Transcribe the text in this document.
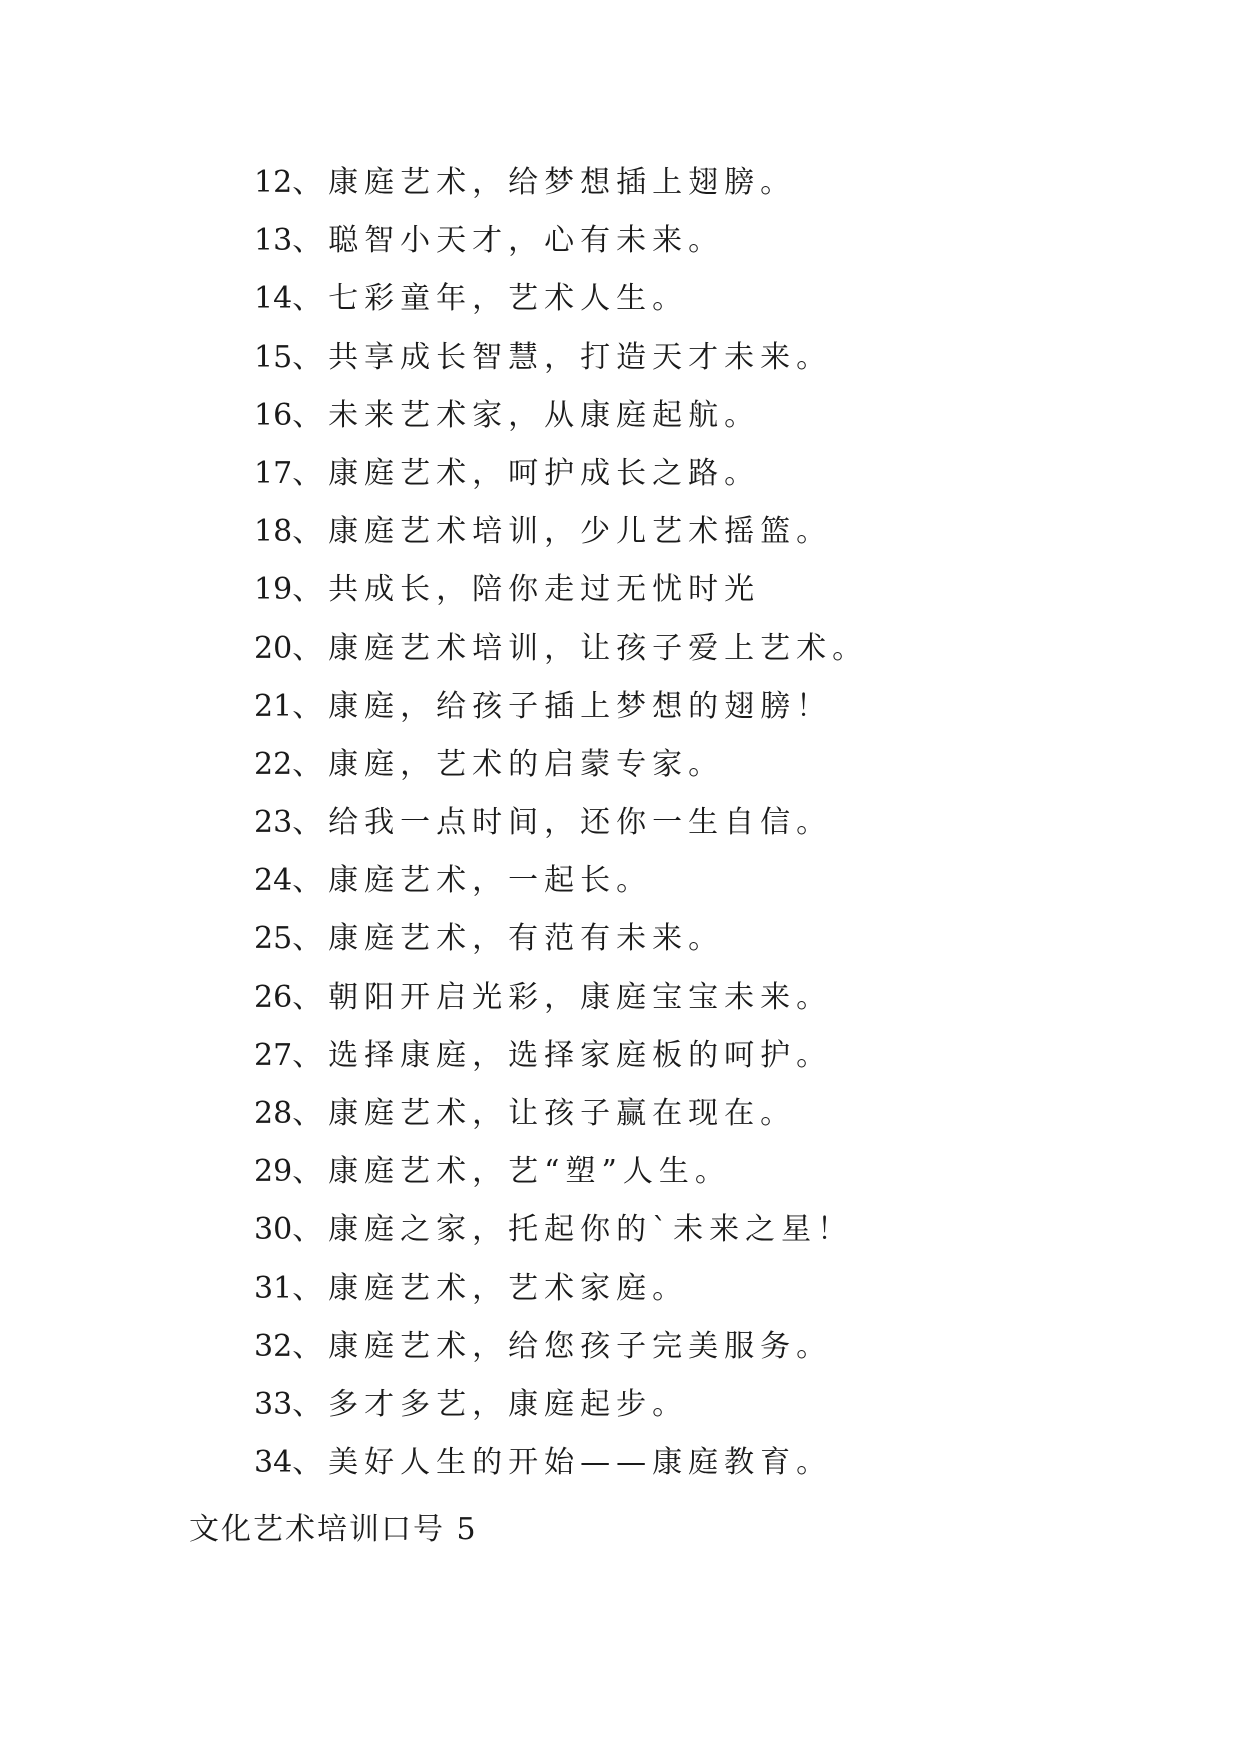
12、康庭艺术，给梦想插上翅膀。
13、聪智小天才，心有未来。
14、七彩童年，艺术人生。
15、共享成长智慧，打造天才未来。
16、未来艺术家，从康庭起航。
17、康庭艺术，呵护成长之路。
18、康庭艺术培训，少儿艺术摇篮。
19、共成长，陪你走过无忧时光
20、康庭艺术培训，让孩子爱上艺术。
21、康庭，给孩子插上梦想的翅膀！
22、康庭，艺术的启蒙专家。
23、给我一点时间，还你一生自信。
24、康庭艺术，一起长。
25、康庭艺术，有范有未来。
26、朝阳开启光彩，康庭宝宝未来。
27、选择康庭，选择家庭板的呵护。
28、康庭艺术，让孩子赢在现在。
29、康庭艺术，艺“塑”人生。
30、康庭之家，托起你的`未来之星！
31、康庭艺术，艺术家庭。
32、康庭艺术，给您孩子完美服务。
33、多才多艺，康庭起步。
34、美好人生的开始——康庭教育。
文化艺术培训口号 5
